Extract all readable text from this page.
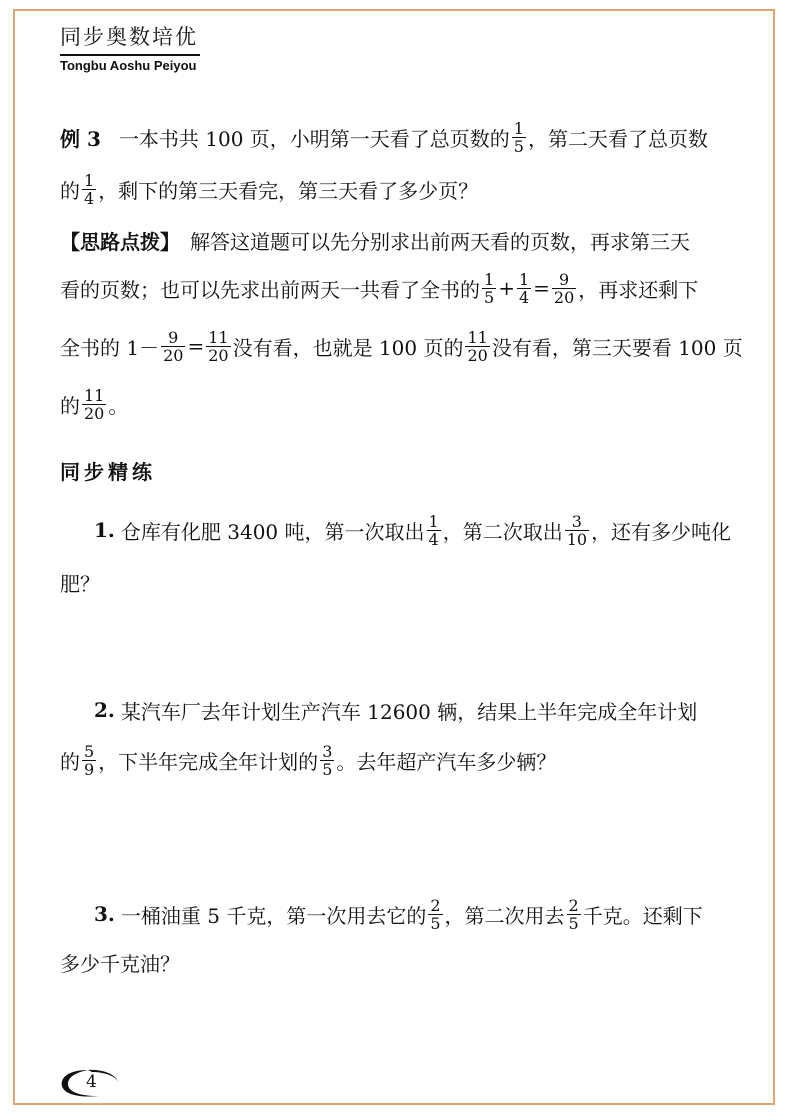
同步奥数培优
Tongbu Aoshu Peiyou
例 3 一本书共 100 页，小明第一天看了总页数的 $\frac{1}{5}$ ，第二天看了总页数
的 $\frac{1}{4}$ ，剩下的第三天看完，第三天看了多少页？
【思路点拨】 解答这道题可以先分别求出前两天看的页数，再求第三天
看的页数；也可以先求出前两天一共看了全书的 $\frac{1}{5} + \frac{1}{4} = \frac{9}{20}$ ，再求还剩下
全书的 $1- \frac{9}{20} = \frac{11}{20}$ 没有看，也就是 100 页的 $\frac{11}{20}$ 没有看，第三天要看 100 页
的 $\frac{11}{20}$ 。
同步精练
1. 仓库有化肥 3400 吨，第一次取出 $\frac{1}{4}$ ，第二次取出 $\frac{3}{10}$ ，还有多少吨化
肥？
2. 某汽车厂去年计划生产汽车 12600 辆，结果上半年完成全年计划
的 $\frac{5}{9}$ ，下半年完成全年计划的 $\frac{3}{5}$ 。去年超产汽车多少辆？
3. 一桶油重 5 千克，第一次用去它的 $\frac{2}{5}$ ，第二次用去 $\frac{2}{5}$ 千克。还剩下
多少千克油？
4
